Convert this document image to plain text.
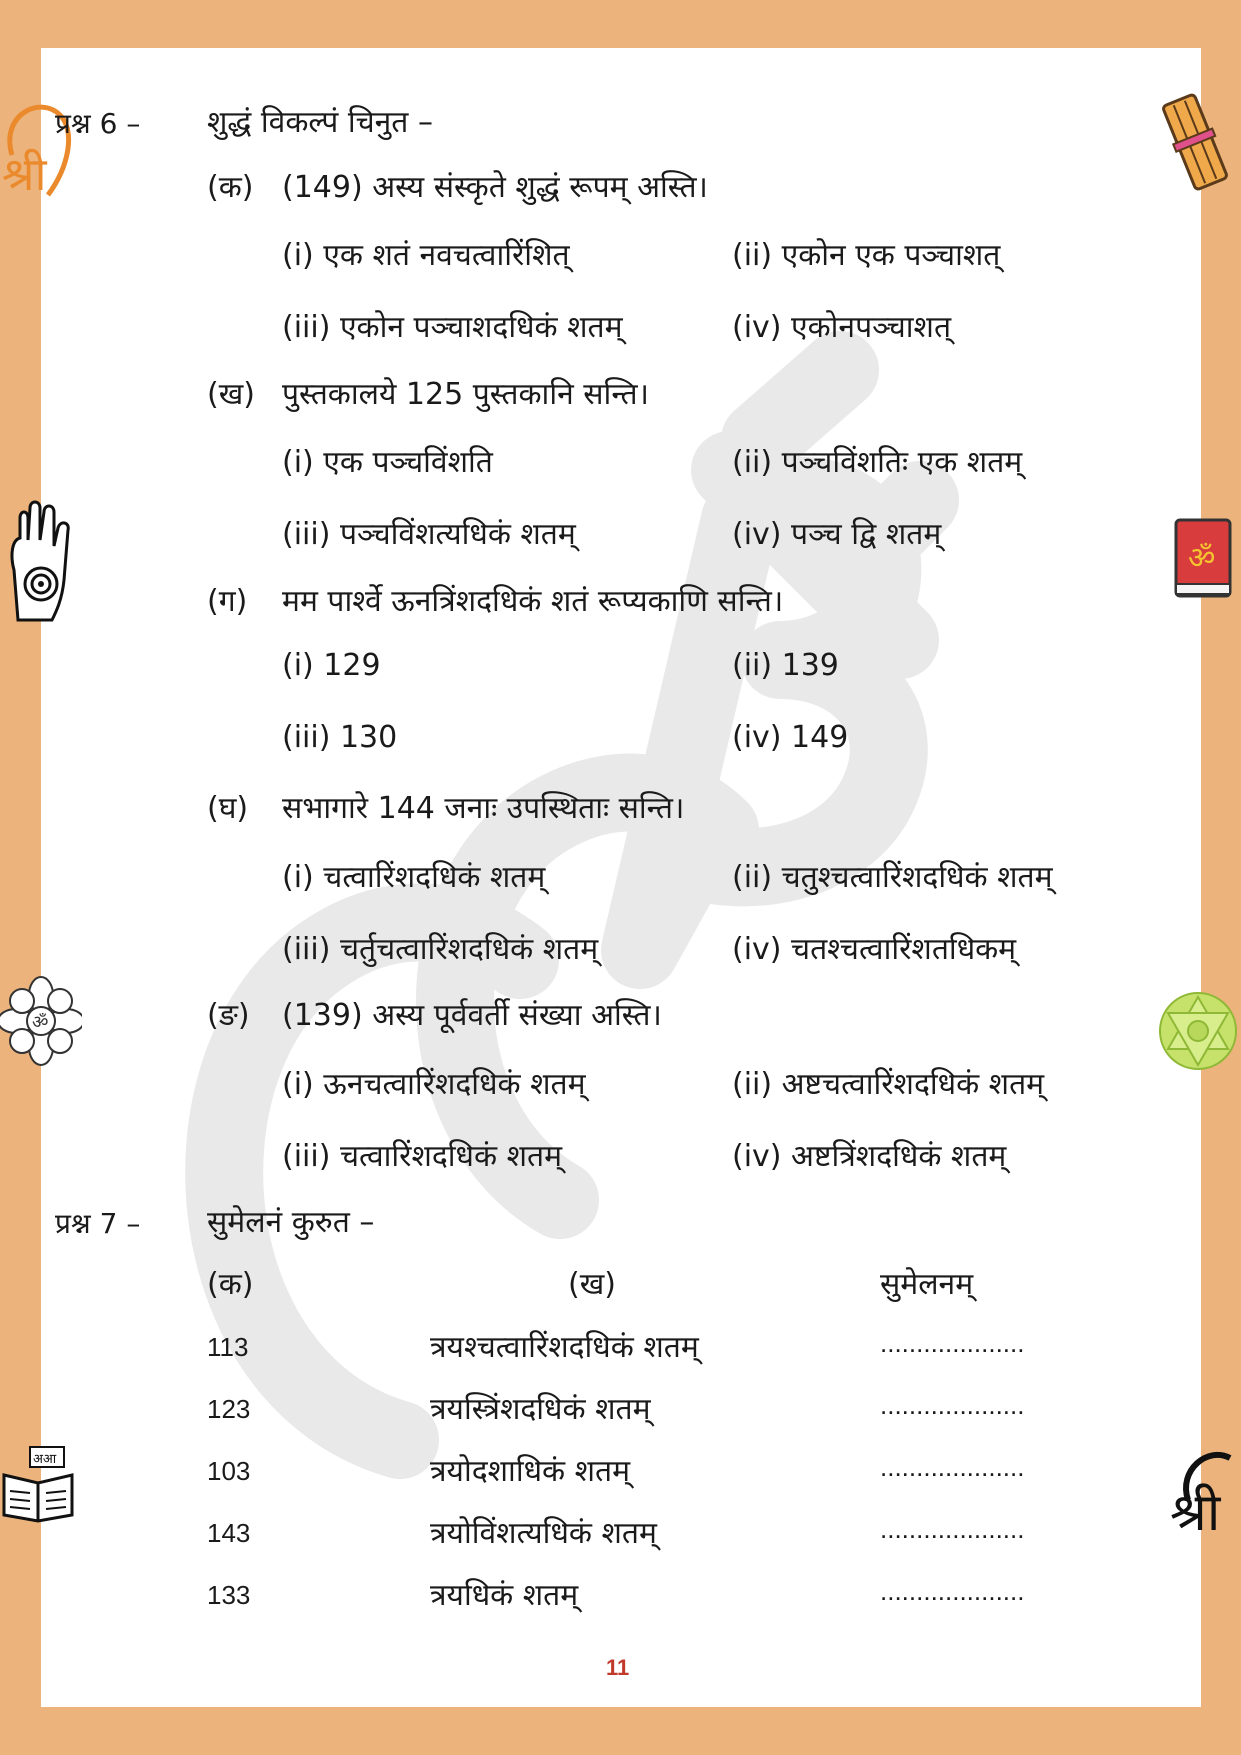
श्री
ॐ
अआ
ॐ
श्री
प्रश्न 6 – शुद्धं विकल्पं चिनुत –
(क) (149) अस्य संस्कृते शुद्धं रूपम् अस्ति।
(i) एक शतं नवचत्वारिंशित्	(ii) एकोन एक पञ्चाशत्
(iii) एकोन पञ्चाशदधिकं शतम्	(iv) एकोनपञ्चाशत्
(ख) पुस्तकालये 125 पुस्तकानि सन्ति।
(i) एक पञ्चविंशति	(ii) पञ्चविंशतिः एक शतम्
(iii) पञ्चविंशत्यधिकं शतम्	(iv) पञ्च द्वि शतम्
(ग) मम पार्श्वे ऊनत्रिंशदधिकं शतं रूप्यकाणि सन्ति।
(i) 129	(ii) 139
(iii) 130	(iv) 149
(घ) सभागारे 144 जनाः उपस्थिताः सन्ति।
(i) चत्वारिंशदधिकं शतम्	(ii) चतुश्चत्वारिंशदधिकं शतम्
(iii) चर्तुचत्वारिंशदधिकं शतम्	(iv) चतश्चत्वारिंशतधिकम्
(ङ) (139) अस्य पूर्ववर्ती संख्या अस्ति।
(i) ऊनचत्वारिंशदधिकं शतम्	(ii) अष्टचत्वारिंशदधिकं शतम्
(iii) चत्वारिंशदधिकं शतम्	(iv) अष्टत्रिंशदधिकं शतम्
प्रश्न 7 – सुमेलनं कुरुत –
(क)	(ख)	सुमेलनम्
113	त्रयश्चत्वारिंशदधिकं शतम्	....................
123	त्रयस्त्रिंशदधिकं शतम्	....................
103	त्रयोदशाधिकं शतम्	....................
143	त्रयोविंशत्यधिकं शतम्	....................
133	त्रयधिकं शतम्	....................
11
